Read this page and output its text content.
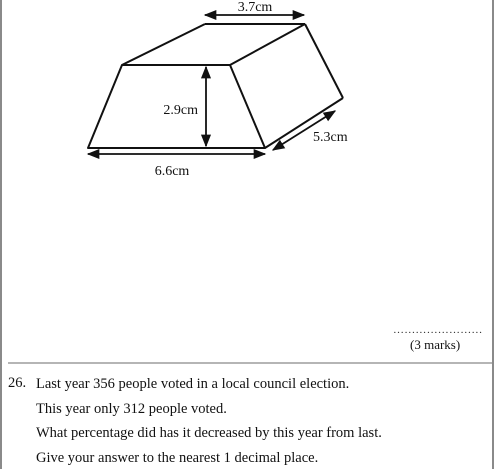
3.7cm
2.9cm
5.3cm
6.6cm
……………………
(3 marks)
26. Last year 356 people voted in a local council election.
This year only 312 people voted.
What percentage did has it decreased by this year from last.
Give your answer to the nearest 1 decimal place.
